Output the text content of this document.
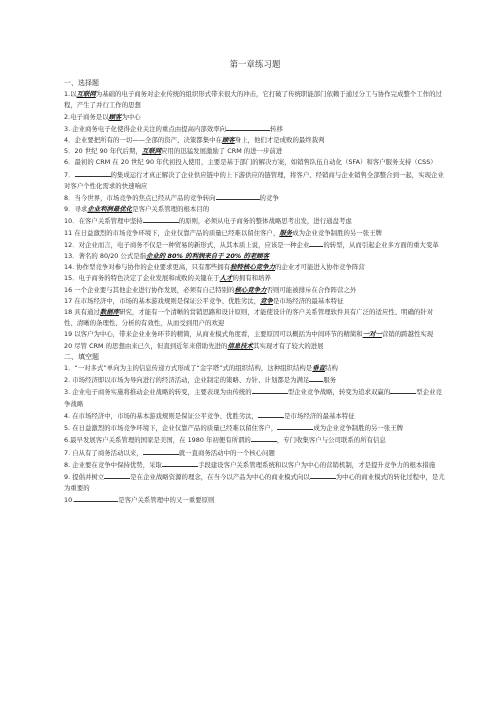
第一章练习题

一、选择题

1.以互联网为基础的电子商务对企业传统的组织形式带来很大的冲击，它打破了传统职能部门依赖于通过分工与协作完成整个工作的过程，产生了并行工作的思想

2.电子商务是以顾客为中心

3. 企业商务电子化使得企业关注的重点由提高内部效率向	转移

4．企业要把所有的一切——全部的资产、决策都集中在顾客身上，他们才是成败的最终裁判

5．20 世纪 90 年代后期，互联网应用的迅猛发展激励了 CRM 的进一步前进

6．最初的 CRM 在 20 世纪 90 年代初投入使用，主要是基于部门的解决方案，如销售队伍自动化（SFA）和客户服务支持（CSS）

7．	的集成运行才真正解决了企业供应链中的上下游供应的链管理，将客户、经销商与企业销售全部整合到一起，实现企业对客户个性化需求的快速响应

8．当今世界，市场竞争的焦点已经从产品的竞争转向	的竞争

9．寻求企业利润最优化是客户关系管理的根本目的

10．在客户关系管理中坚持	的原则，必须从电子商务的整体战略思考出发，进行通盘考虑

11 在日益激烈的市场竞争环境下，企业仅靠产品的质量已经难以留住客户，服务成为企业竞争制胜的另一张王牌

12．对企业而言，电子商务不仅是一种贸易的新形式，从其本质上说，应该是一种企业 的转型，从而引起企业多方面的重大变革

13．著名的 80/20 公式是指企业的 80% 的利润来自于 20% 的老顾客

14. 协作型竞争对参与协作的企业要求更高，只有那些拥有独特核心竞争力的企业才可能进入协作竞争阵营

15．电子商务的特色决定了企业发展和成败的关键在于人才的拥有和培养

16 一个企业要与其他企业进行协作发展，必须有自己特别的核心竞争力否则可能被排斥在合作阵营之外

17 在市场经济中，市场的基本游戏规则是保证公平竞争、优胜劣汰，竞争是市场经济的最基本特征

18 具有通过数据库研究，才能有一个清晰的営销思路和设计原则，才能使设计的客户关系管理软件具有广泛的适应性、明确的针对性、清晰的条理性、分析的有效性，从而受到用户的欢迎

19 以客户为中心，带来企业业务环节的精简，从商业模式角度看，主要原因可以概括为中间环节的精简和一对一营销的跨越性实现

20 尽管 CRM 的思想由来已久，但直到近年来借助先进的信息技术其实现才有了较大的进展

二、填空题

1．“一对多式”单向为主的信息传递方式形成了“金字塔”式的组织结构，这种组织结构是垂直结构

2. 市场经济即以市场为导向进行的经济活动，企业制定的策略、方针、计划都是为满足 服务

3. 企业电子商务实施将推动企业战略的转变，主要表现为由传统的	型企业竞争战略，转变为追求双赢的	型企业竞争战略

4. 在市场经济中，市场的基本游戏规则是保证公平竞争、优胜劣汰，	是市场经济的最基本特征

5. 在日益激烈的市场竞争环境下，企业仅靠产品的质量已经难以留住客户，	成为企业竞争制胜的另一张王牌

6.最早发展客户关系管理的国家是美国，在 1980 年初便有所谓的	，专门收集客户与公司联系的所有信息

7. 自从有了商务活动以来，	就一直商务活动中的一个核心问题

8. 企业要在竞争中保持优势，采取	手段建设客户关系管理系统和以客户为中心的营销机制，才是提升竞争力的根本措施

9. 提倡并树立	是在企业战略资源的理念，在当今以产品为中心的商业模式向以	为中心的商业模式的转化过程中，是尤为重要的

10.	是客户关系管理中的又一重要原则
